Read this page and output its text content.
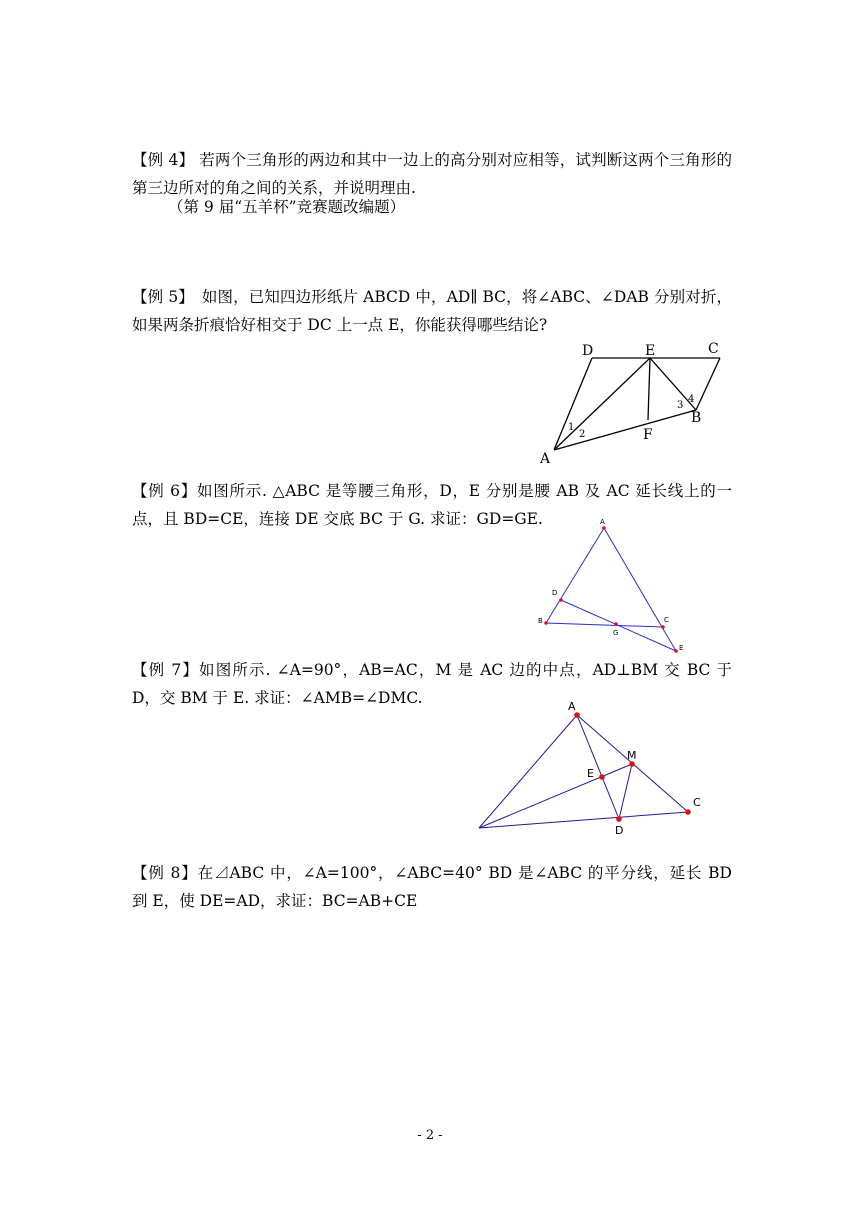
【例 4】 若两个三角形的两边和其中一边上的高分别对应相等，试判断这两个三角形的第三边所对的角之间的关系，并说明理由.

（第 9 届“五羊杯”竞赛题改编题）

【例 5】　如图，已知四边形纸片 ABCD 中，AD∥ BC，将∠ABC、∠DAB 分别对折，如果两条折痕恰好相交于 DC 上一点 E，你能获得哪些结论?

D	E	C
B
F
A
1
2
3
4

【例 6】如图所示. △ABC 是等腰三角形，D，E 分别是腰 AB 及 AC 延长线上的一点，且 BD=CE，连接 DE 交底 BC 于 G. 求证：GD=GE.	A
D
B
G
C
E

【例 7】如图所示. ∠A=90°，AB=AC，M 是 AC 边的中点，AD⊥BM 交 BC 于 D，交 BM 于 E. 求证：∠AMB=∠DMC.	A
M
E
D
C

【例 8】在⊿ABC 中，∠A=100°，∠ABC=40° BD 是∠ABC 的平分线，延长 BD 到 E，使 DE=AD，求证：BC=AB+CE

- 2 -
